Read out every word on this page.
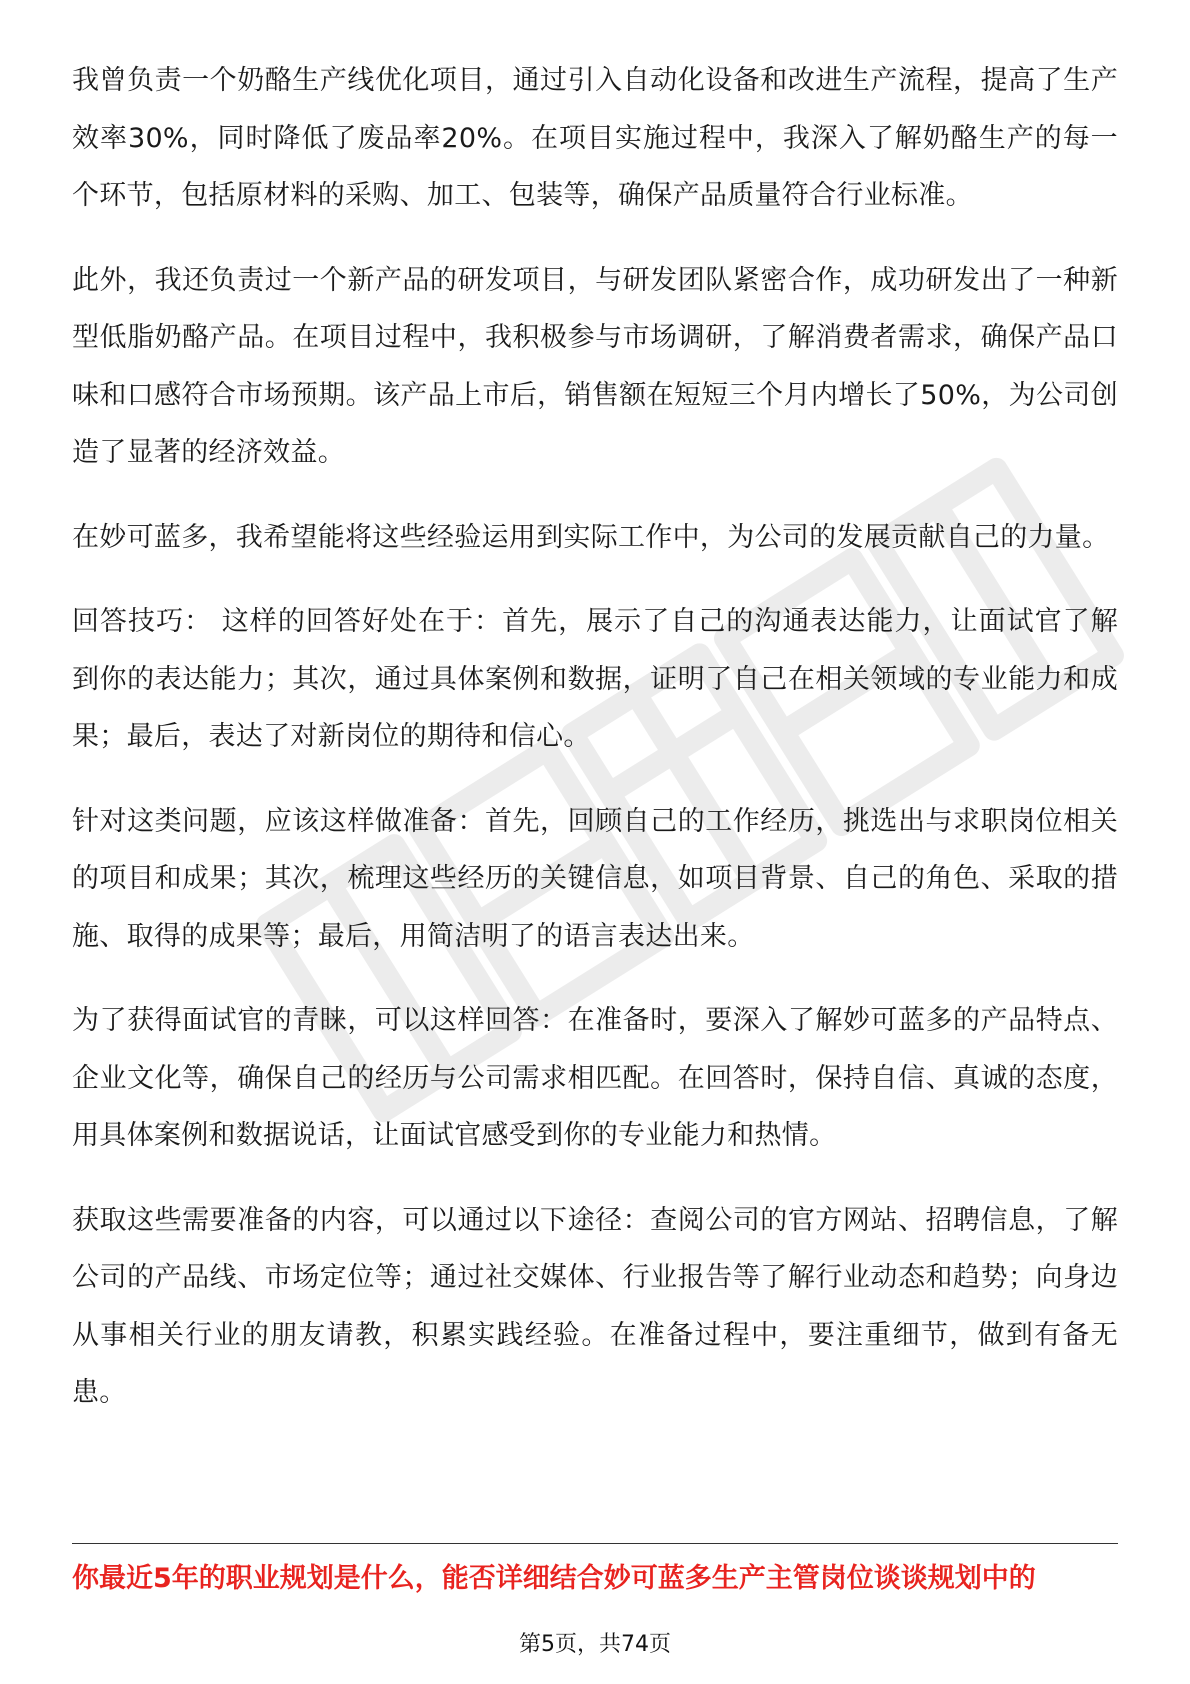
我曾负责一个奶酪生产线优化项目，通过引入自动化设备和改进生产流程，提高了生产效率30%，同时降低了废品率20%。在项目实施过程中，我深入了解奶酪生产的每一个环节，包括原材料的采购、加工、包装等，确保产品质量符合行业标准。

此外，我还负责过一个新产品的研发项目，与研发团队紧密合作，成功研发出了一种新型低脂奶酪产品。在项目过程中，我积极参与市场调研，了解消费者需求，确保产品口味和口感符合市场预期。该产品上市后，销售额在短短三个月内增长了50%，为公司创造了显著的经济效益。

在妙可蓝多，我希望能将这些经验运用到实际工作中，为公司的发展贡献自己的力量。

回答技巧： 这样的回答好处在于：首先，展示了自己的沟通表达能力，让面试官了解到你的表达能力；其次，通过具体案例和数据，证明了自己在相关领域的专业能力和成果；最后，表达了对新岗位的期待和信心。

针对这类问题，应该这样做准备：首先，回顾自己的工作经历，挑选出与求职岗位相关的项目和成果；其次，梳理这些经历的关键信息，如项目背景、自己的角色、采取的措施、取得的成果等；最后，用简洁明了的语言表达出来。

为了获得面试官的青睐，可以这样回答：在准备时，要深入了解妙可蓝多的产品特点、企业文化等，确保自己的经历与公司需求相匹配。在回答时，保持自信、真诚的态度，用具体案例和数据说话，让面试官感受到你的专业能力和热情。

获取这些需要准备的内容，可以通过以下途径：查阅公司的官方网站、招聘信息，了解公司的产品线、市场定位等；通过社交媒体、行业报告等了解行业动态和趋势；向身边从事相关行业的朋友请教，积累实践经验。在准备过程中，要注重细节，做到有备无患。

你最近5年的职业规划是什么，能否详细结合妙可蓝多生产主管岗位谈谈规划中的
第5页，共74页
